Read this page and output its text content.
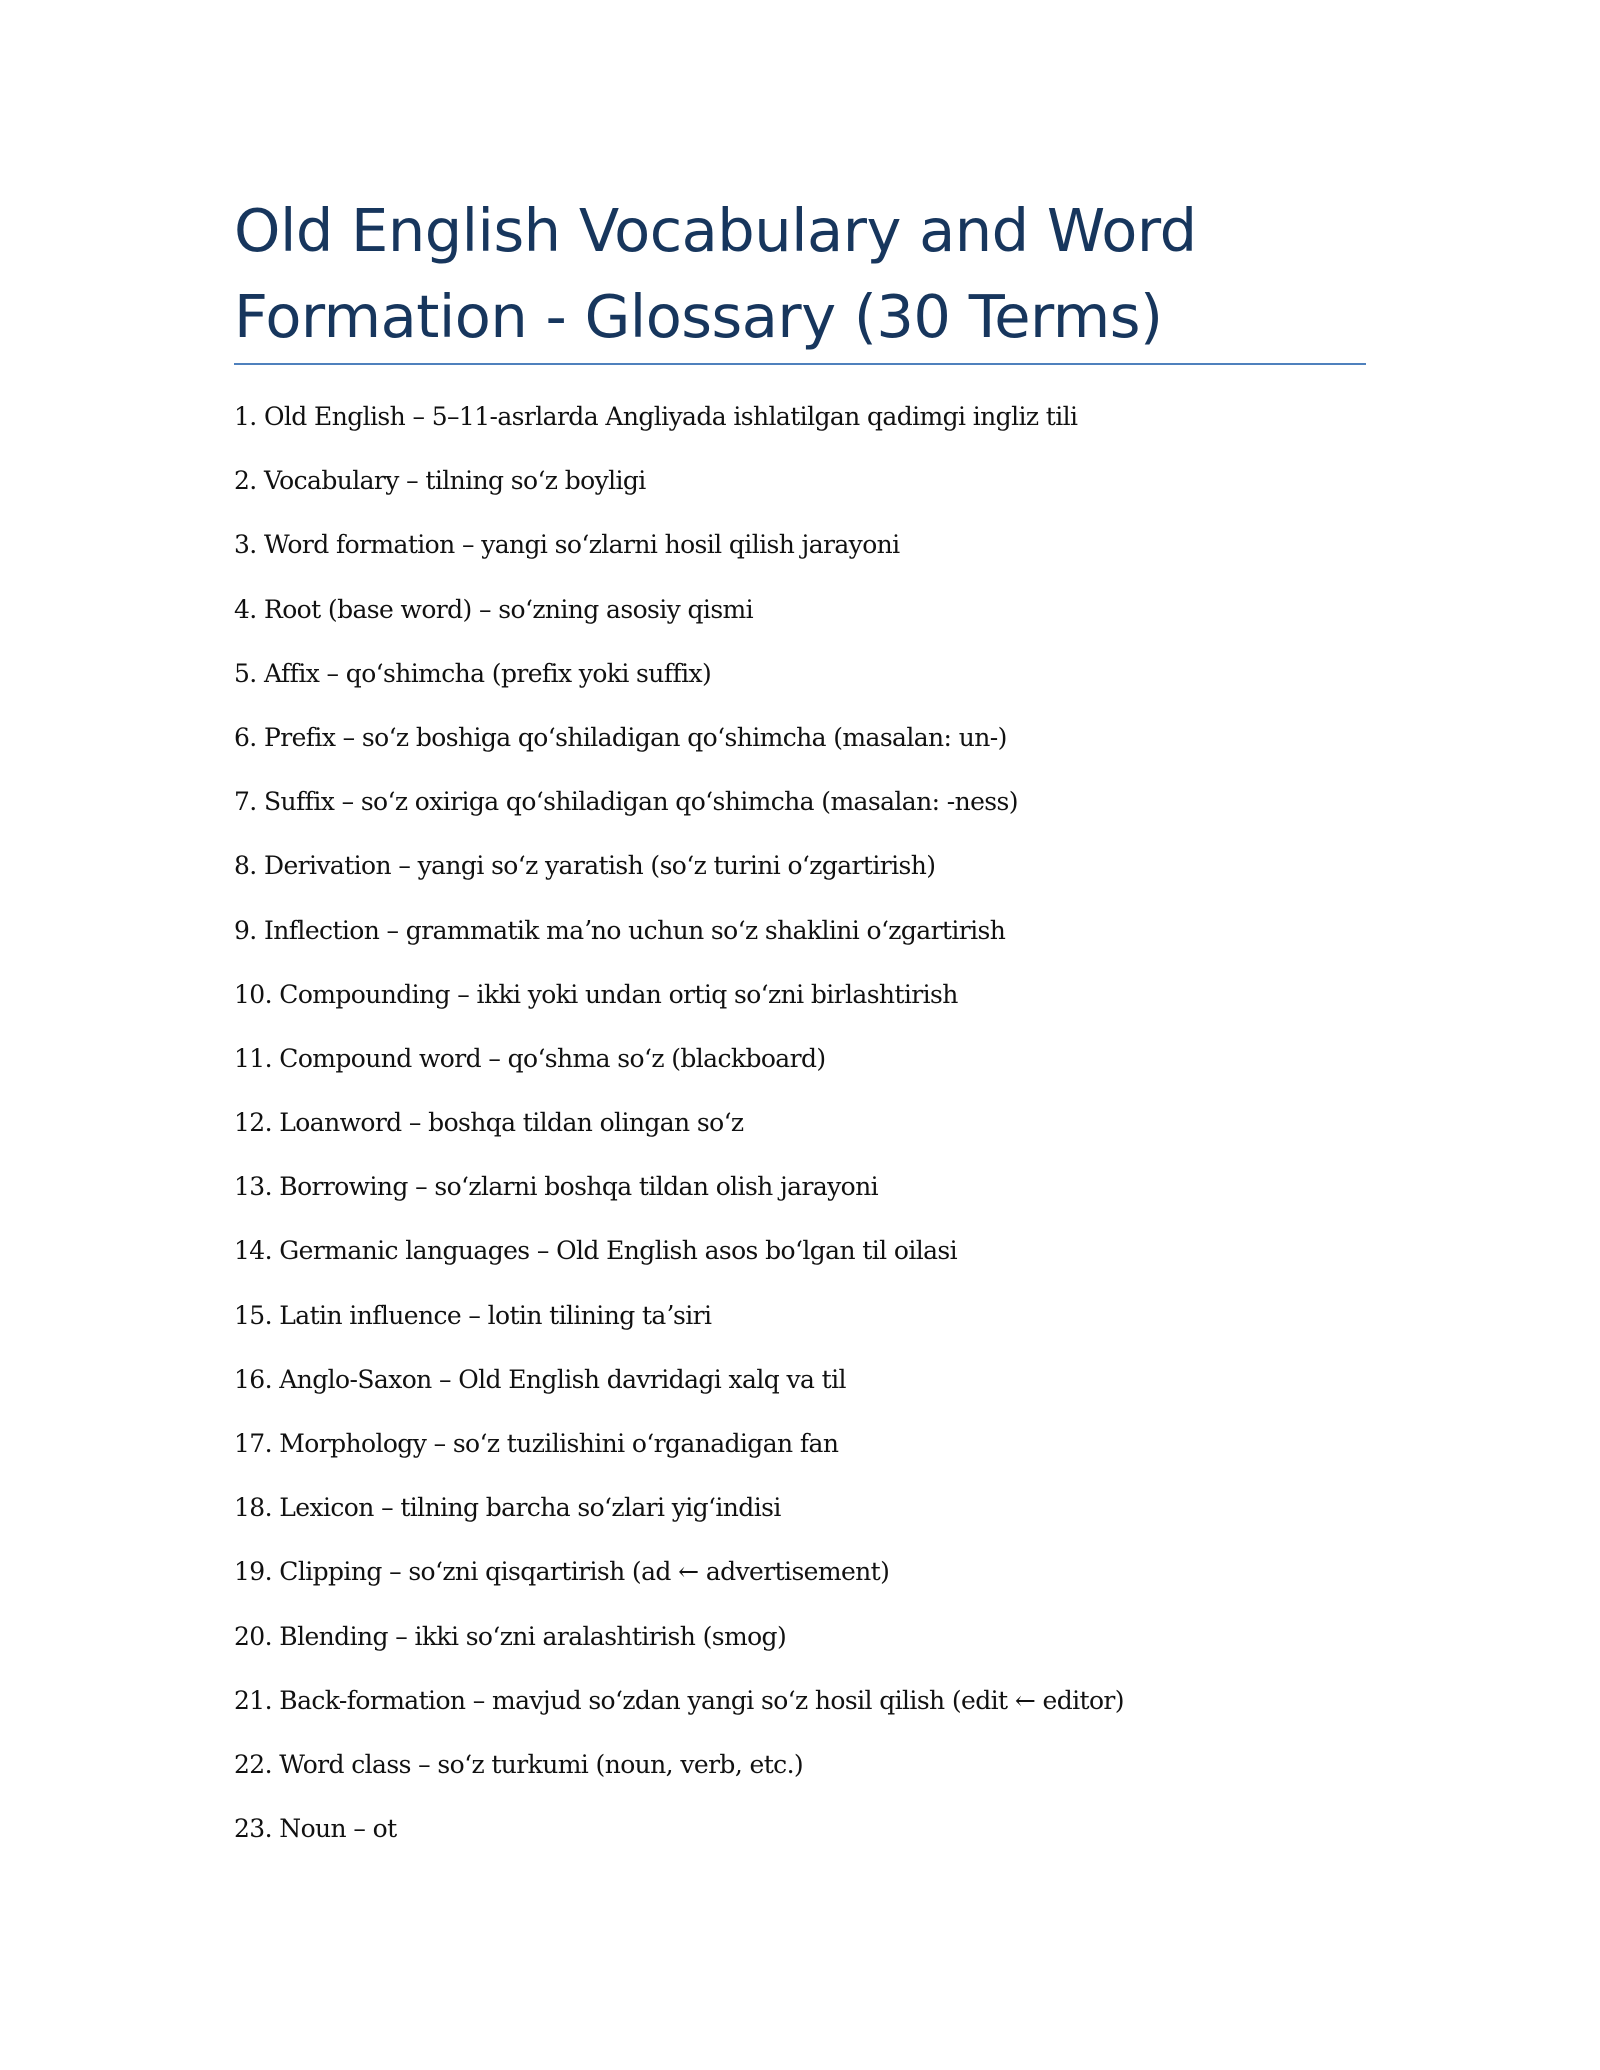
Old English Vocabulary and Word Formation - Glossary (30 Terms)
1. Old English – 5–11-asrlarda Angliyada ishlatilgan qadimgi ingliz tili
2. Vocabulary – tilning soʻz boyligi
3. Word formation – yangi soʻzlarni hosil qilish jarayoni
4. Root (base word) – soʻzning asosiy qismi
5. Affix – qoʻshimcha (prefix yoki suffix)
6. Prefix – soʻz boshiga qoʻshiladigan qoʻshimcha (masalan: un-)
7. Suffix – soʻz oxiriga qoʻshiladigan qoʻshimcha (masalan: -ness)
8. Derivation – yangi soʻz yaratish (soʻz turini oʻzgartirish)
9. Inflection – grammatik maʼno uchun soʻz shaklini oʻzgartirish
10. Compounding – ikki yoki undan ortiq soʻzni birlashtirish
11. Compound word – qoʻshma soʻz (blackboard)
12. Loanword – boshqa tildan olingan soʻz
13. Borrowing – soʻzlarni boshqa tildan olish jarayoni
14. Germanic languages – Old English asos boʻlgan til oilasi
15. Latin influence – lotin tilining taʼsiri
16. Anglo-Saxon – Old English davridagi xalq va til
17. Morphology – soʻz tuzilishini oʻrganadigan fan
18. Lexicon – tilning barcha soʻzlari yigʻindisi
19. Clipping – soʻzni qisqartirish (ad ← advertisement)
20. Blending – ikki soʻzni aralashtirish (smog)
21. Back-formation – mavjud soʻzdan yangi soʻz hosil qilish (edit ← editor)
22. Word class – soʻz turkumi (noun, verb, etc.)
23. Noun – ot
